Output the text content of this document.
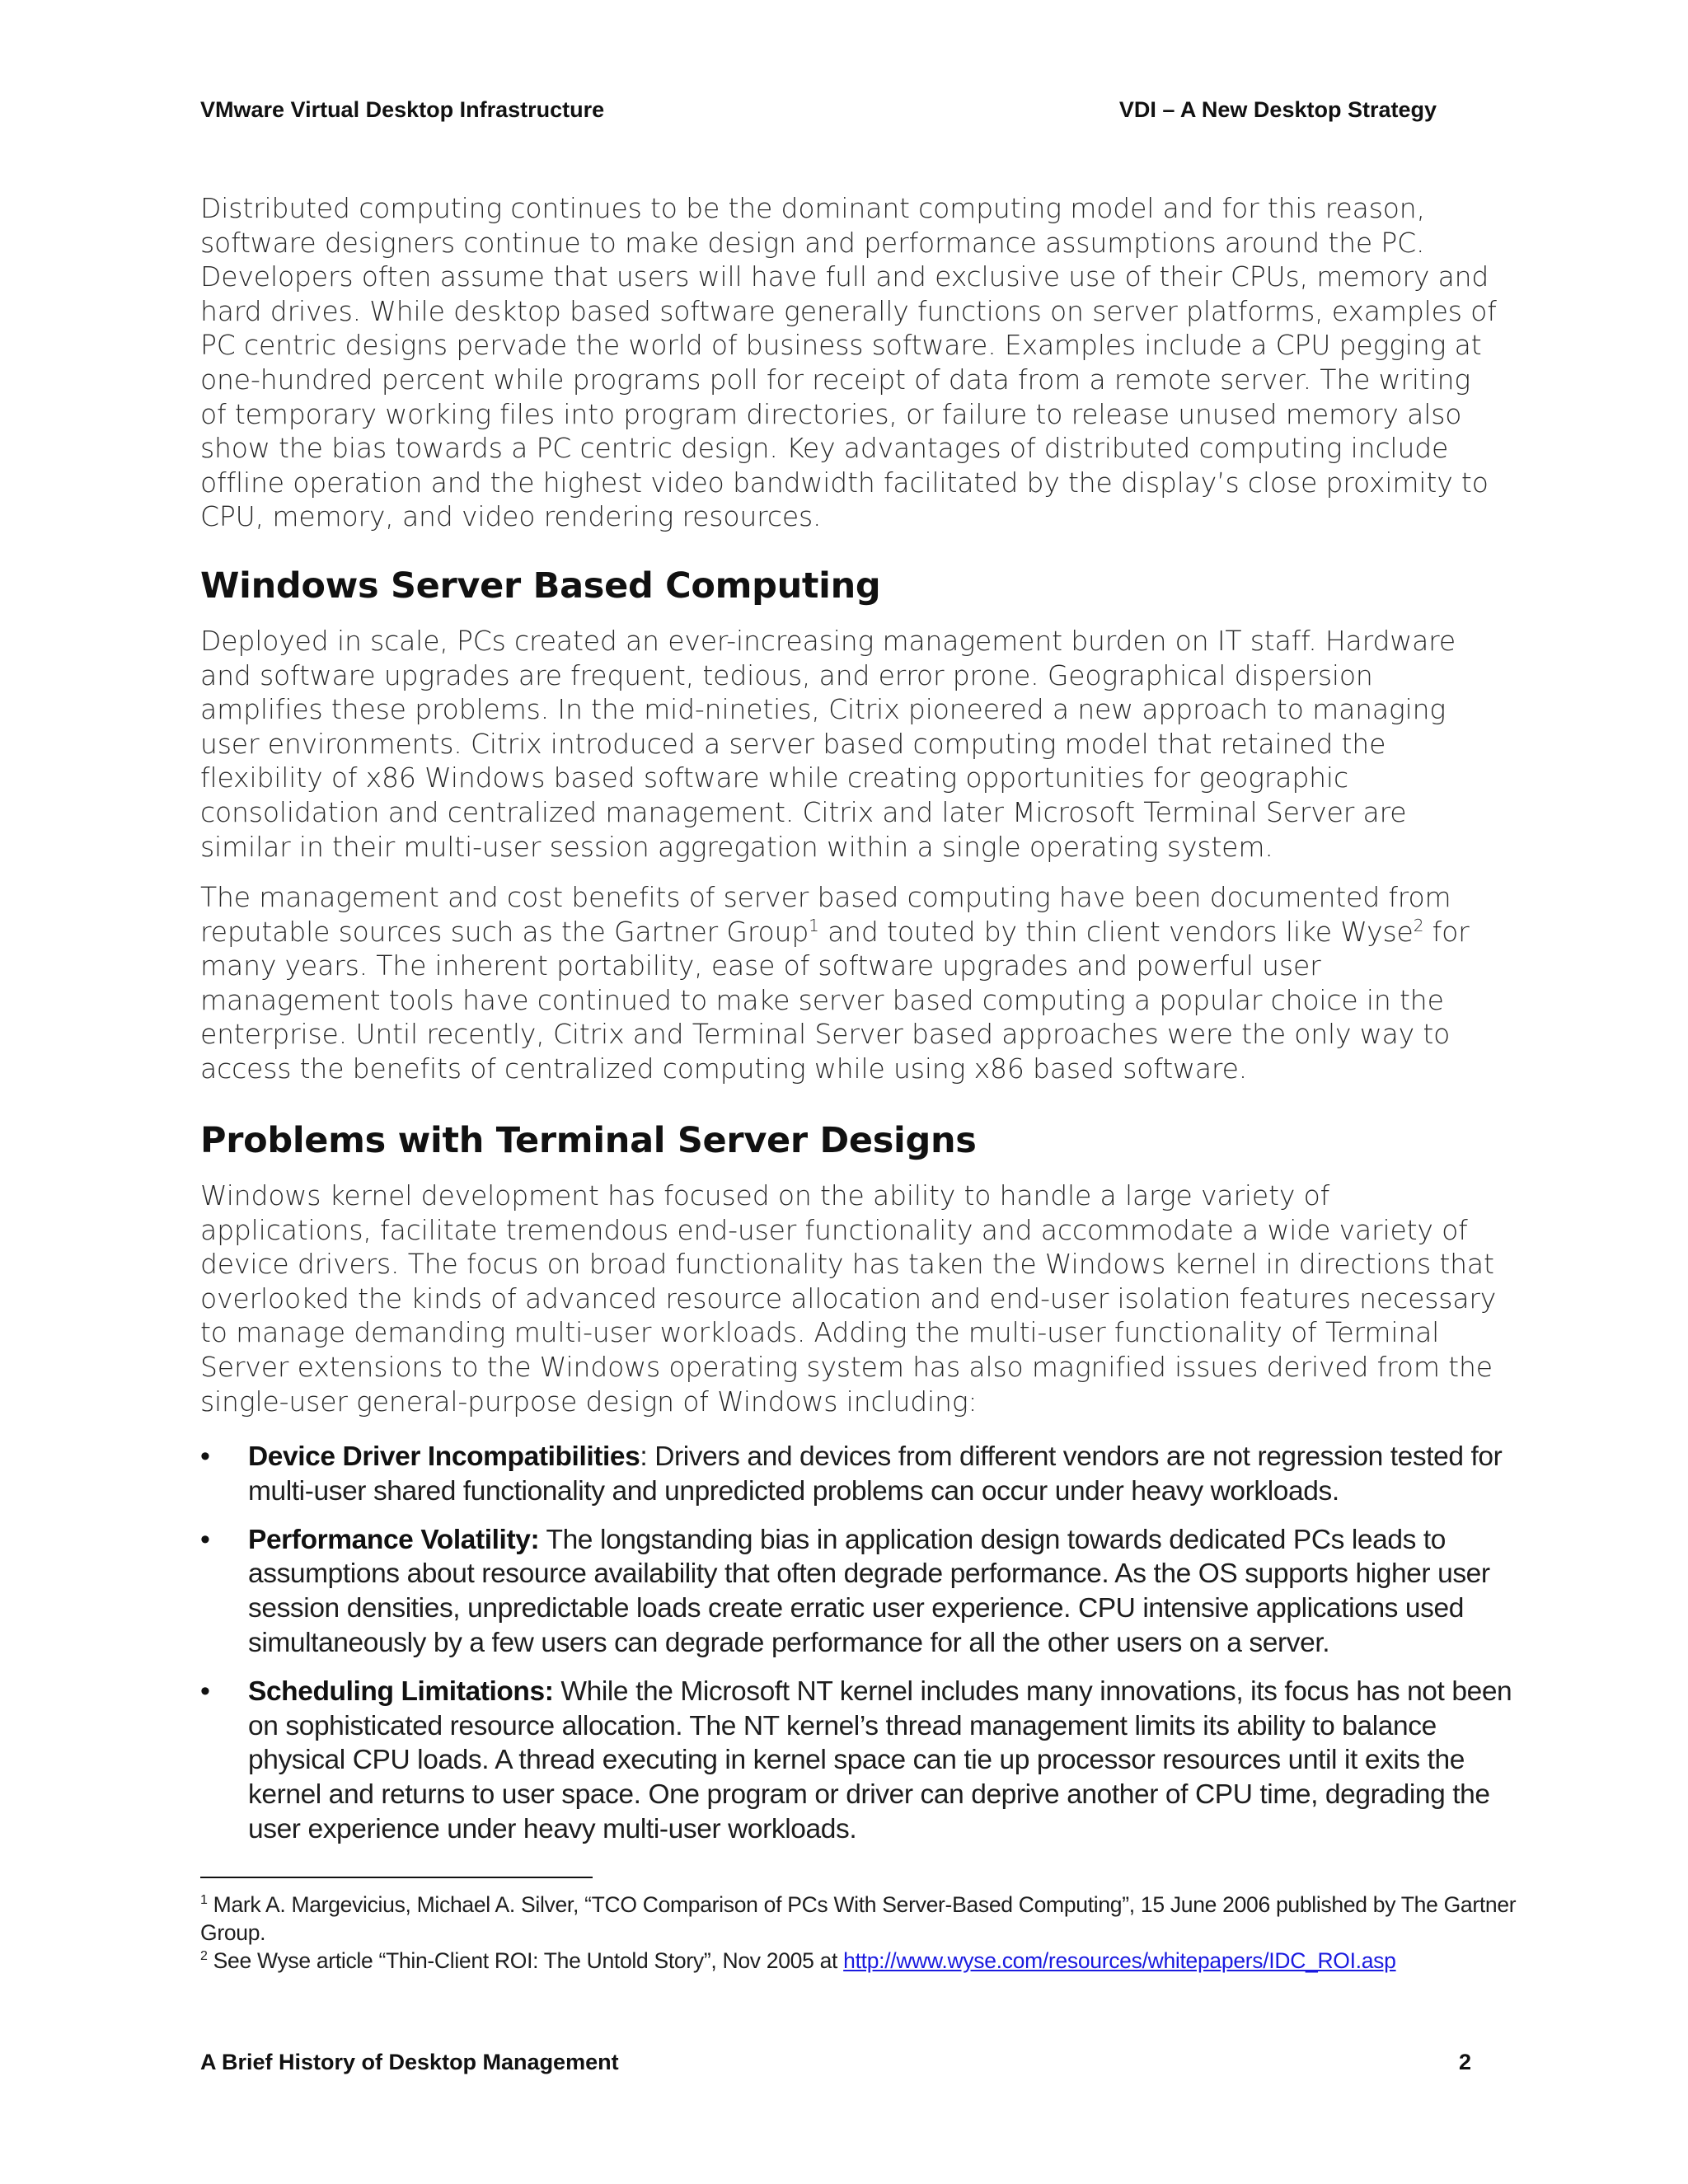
VMware Virtual Desktop Infrastructure	VDI – A New Desktop Strategy

Distributed computing continues to be the dominant computing model and for this reason, software designers continue to make design and performance assumptions around the PC. Developers often assume that users will have full and exclusive use of their CPUs, memory and hard drives. While desktop based software generally functions on server platforms, examples of PC centric designs pervade the world of business software. Examples include a CPU pegging at one-hundred percent while programs poll for receipt of data from a remote server. The writing of temporary working files into program directories, or failure to release unused memory also show the bias towards a PC centric design. Key advantages of distributed computing include offline operation and the highest video bandwidth facilitated by the display’s close proximity to CPU, memory, and video rendering resources.

Windows Server Based Computing

Deployed in scale, PCs created an ever-increasing management burden on IT staff. Hardware and software upgrades are frequent, tedious, and error prone. Geographical dispersion amplifies these problems. In the mid-nineties, Citrix pioneered a new approach to managing user environments. Citrix introduced a server based computing model that retained the flexibility of x86 Windows based software while creating opportunities for geographic consolidation and centralized management. Citrix and later Microsoft Terminal Server are similar in their multi-user session aggregation within a single operating system.

The management and cost benefits of server based computing have been documented from reputable sources such as the Gartner Group$^1$ and touted by thin client vendors like Wyse$^2$ for many years. The inherent portability, ease of software upgrades and powerful user management tools have continued to make server based computing a popular choice in the enterprise. Until recently, Citrix and Terminal Server based approaches were the only way to access the benefits of centralized computing while using x86 based software.

Problems with Terminal Server Designs

Windows kernel development has focused on the ability to handle a large variety of applications, facilitate tremendous end-user functionality and accommodate a wide variety of device drivers. The focus on broad functionality has taken the Windows kernel in directions that overlooked the kinds of advanced resource allocation and end-user isolation features necessary to manage demanding multi-user workloads. Adding the multi-user functionality of Terminal Server extensions to the Windows operating system has also magnified issues derived from the single-user general-purpose design of Windows including:

• Device Driver Incompatibilities: Drivers and devices from different vendors are not regression tested for multi-user shared functionality and unpredicted problems can occur under heavy workloads.
• Performance Volatility: The longstanding bias in application design towards dedicated PCs leads to assumptions about resource availability that often degrade performance. As the OS supports higher user session densities, unpredictable loads create erratic user experience. CPU intensive applications used simultaneously by a few users can degrade performance for all the other users on a server.
• Scheduling Limitations: While the Microsoft NT kernel includes many innovations, its focus has not been on sophisticated resource allocation. The NT kernel’s thread management limits its ability to balance physical CPU loads. A thread executing in kernel space can tie up processor resources until it exits the kernel and returns to user space. One program or driver can deprive another of CPU time, degrading the user experience under heavy multi-user workloads.

$^1$ Mark A. Margevicius, Michael A. Silver, “TCO Comparison of PCs With Server-Based Computing”, 15 June 2006 published by The Gartner Group.

$^2$ See Wyse article “Thin-Client ROI: The Untold Story”, Nov 2005 at http://www.wyse.com/resources/whitepapers/IDC_ROI.asp

A Brief History of Desktop Management	2
